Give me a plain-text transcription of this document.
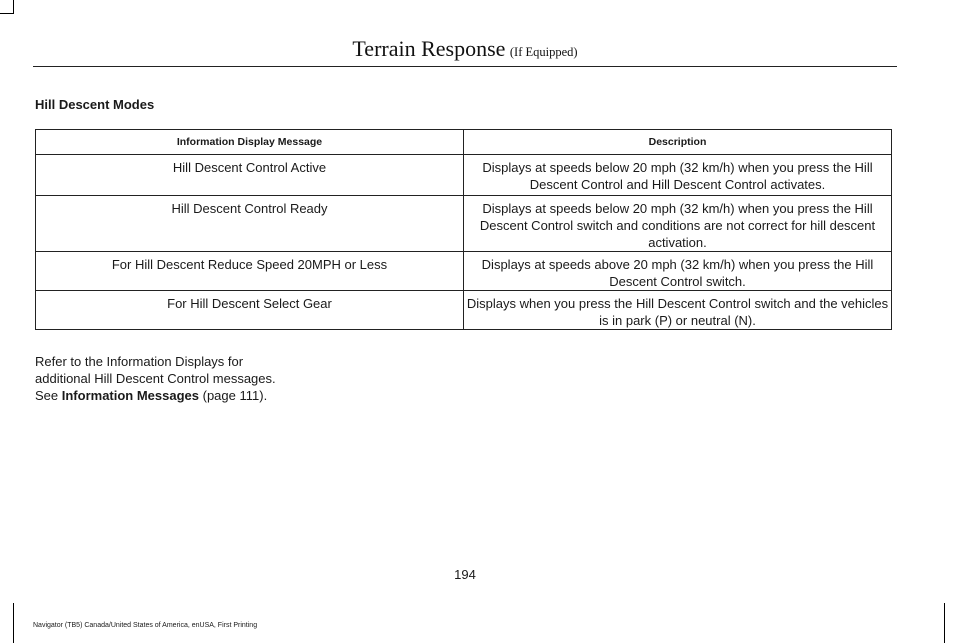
Terrain Response (If Equipped)
Hill Descent Modes
Information Display Message	Description
Hill Descent Control Active	Displays at speeds below 20 mph (32 km/h) when you press the Hill Descent Control and Hill Descent Control activates.
Hill Descent Control Ready	Displays at speeds below 20 mph (32 km/h) when you press the Hill Descent Control switch and conditions are not correct for hill descent activation.
For Hill Descent Reduce Speed 20MPH or Less	Displays at speeds above 20 mph (32 km/h) when you press the Hill Descent Control switch.
For Hill Descent Select Gear	Displays when you press the Hill Descent Control switch and the vehicles is in park (P) or neutral (N).
Refer to the Information Displays for
additional Hill Descent Control messages.
See Information Messages (page 111).
194
Navigator (TB5) Canada/United States of America, enUSA, First Printing
